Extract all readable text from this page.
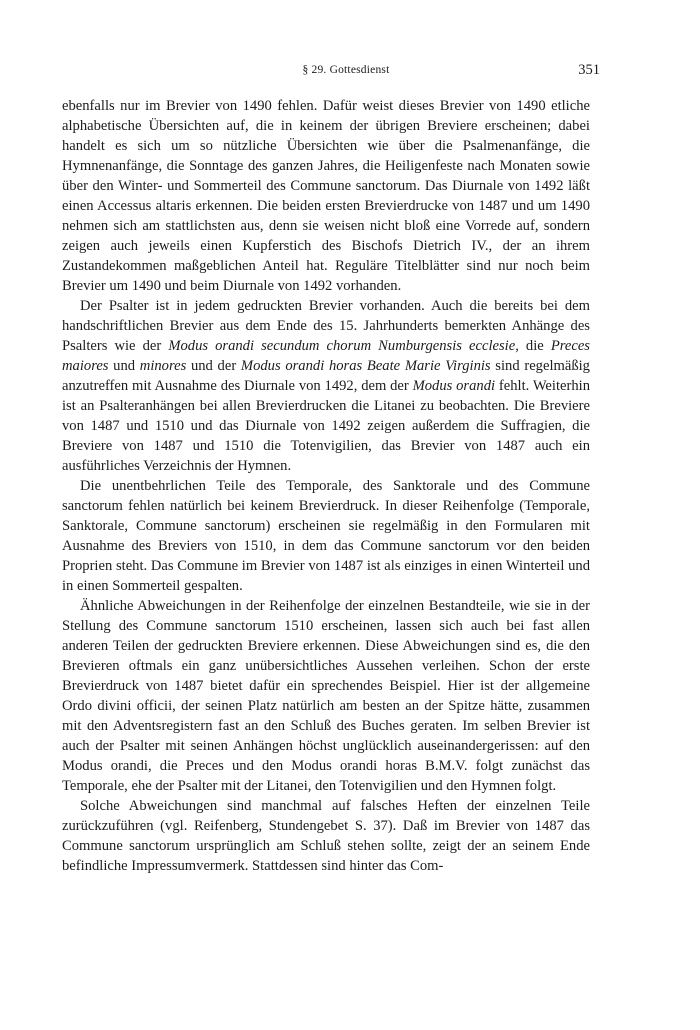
§ 29. Gottesdienst	351

ebenfalls nur im Brevier von 1490 fehlen. Dafür weist dieses Brevier von 1490 etliche alphabetische Übersichten auf, die in keinem der übrigen Breviere erscheinen; dabei handelt es sich um so nützliche Übersichten wie über die Psalmenanfänge, die Hymnenanfänge, die Sonntage des ganzen Jahres, die Heiligenfeste nach Monaten sowie über den Winter- und Sommerteil des Commune sanctorum. Das Diurnale von 1492 läßt einen Accessus altaris erkennen. Die beiden ersten Brevierdrucke von 1487 und um 1490 nehmen sich am stattlichsten aus, denn sie weisen nicht bloß eine Vorrede auf, sondern zeigen auch jeweils einen Kupferstich des Bischofs Dietrich IV., der an ihrem Zustandekommen maßgeblichen Anteil hat. Reguläre Titelblätter sind nur noch beim Brevier um 1490 und beim Diurnale von 1492 vorhanden.

Der Psalter ist in jedem gedruckten Brevier vorhanden. Auch die bereits bei dem handschriftlichen Brevier aus dem Ende des 15. Jahrhunderts bemerkten Anhänge des Psalters wie der Modus orandi secundum chorum Numburgensis ecclesie, die Preces maiores und minores und der Modus orandi horas Beate Marie Virginis sind regelmäßig anzutreffen mit Ausnahme des Diurnale von 1492, dem der Modus orandi fehlt. Weiterhin ist an Psalteranhängen bei allen Brevierdrucken die Litanei zu beobachten. Die Breviere von 1487 und 1510 und das Diurnale von 1492 zeigen außerdem die Suffragien, die Breviere von 1487 und 1510 die Totenvigilien, das Brevier von 1487 auch ein ausführliches Verzeichnis der Hymnen.

Die unentbehrlichen Teile des Temporale, des Sanktorale und des Commune sanctorum fehlen natürlich bei keinem Brevierdruck. In dieser Reihenfolge (Temporale, Sanktorale, Commune sanctorum) erscheinen sie regelmäßig in den Formularen mit Ausnahme des Breviers von 1510, in dem das Commune sanctorum vor den beiden Proprien steht. Das Commune im Brevier von 1487 ist als einziges in einen Winterteil und in einen Sommerteil gespalten.

Ähnliche Abweichungen in der Reihenfolge der einzelnen Bestandteile, wie sie in der Stellung des Commune sanctorum 1510 erscheinen, lassen sich auch bei fast allen anderen Teilen der gedruckten Breviere erkennen. Diese Abweichungen sind es, die den Brevieren oftmals ein ganz unübersichtliches Aussehen verleihen. Schon der erste Brevierdruck von 1487 bietet dafür ein sprechendes Beispiel. Hier ist der allgemeine Ordo divini officii, der seinen Platz natürlich am besten an der Spitze hätte, zusammen mit den Adventsregistern fast an den Schluß des Buches geraten. Im selben Brevier ist auch der Psalter mit seinen Anhängen höchst unglücklich auseinandergerissen: auf den Modus orandi, die Preces und den Modus orandi horas B.M.V. folgt zunächst das Temporale, ehe der Psalter mit der Litanei, den Totenvigilien und den Hymnen folgt.

Solche Abweichungen sind manchmal auf falsches Heften der einzelnen Teile zurückzuführen (vgl. Reifenberg, Stundengebet S. 37). Daß im Brevier von 1487 das Commune sanctorum ursprünglich am Schluß stehen sollte, zeigt der an seinem Ende befindliche Impressumvermerk. Stattdessen sind hinter das Com-
